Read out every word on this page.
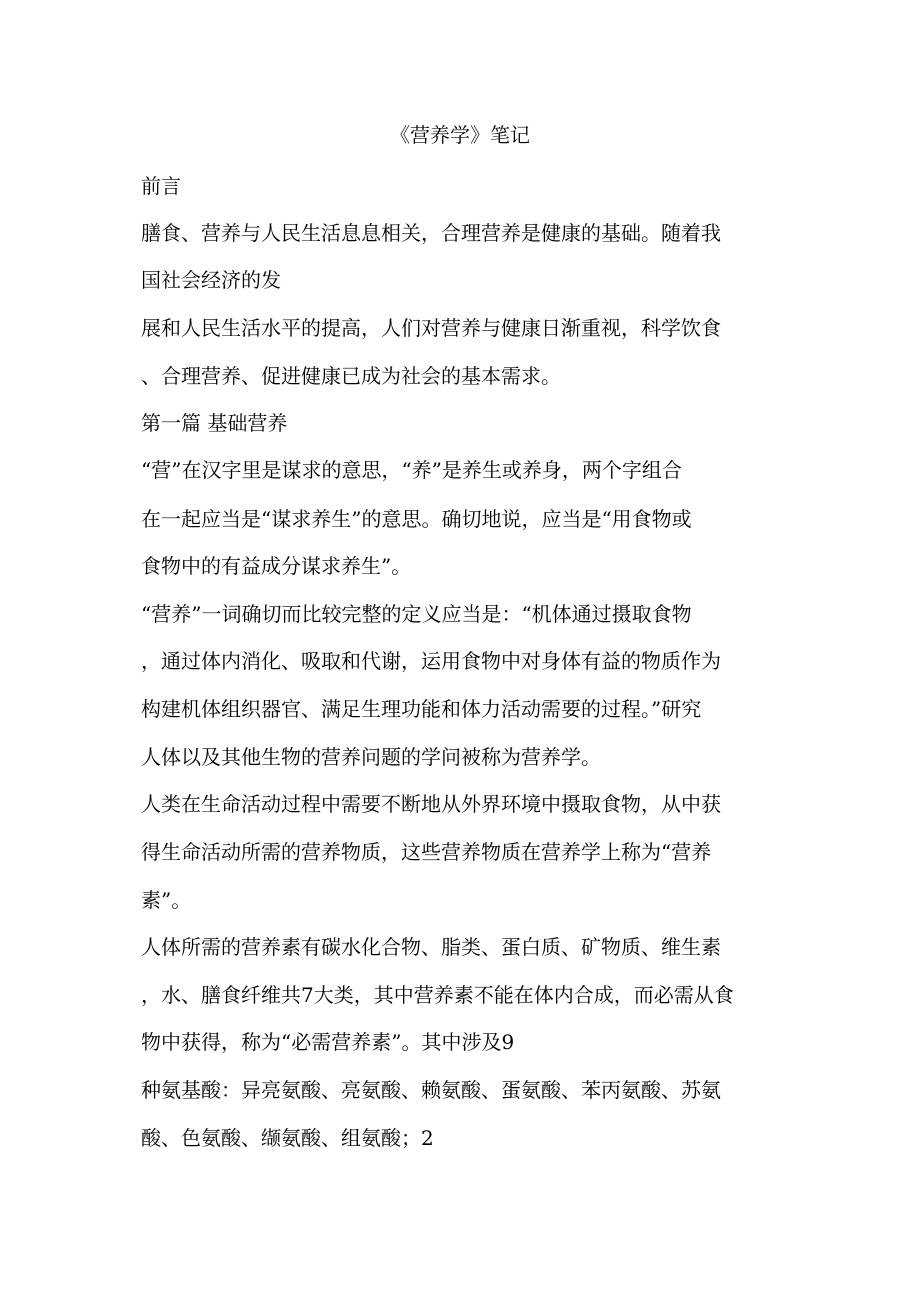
《营养学》笔记

前言

膳食、营养与人民生活息息相关，合理营养是健康的基础。随着我

国社会经济的发

展和人民生活水平的提高，人们对营养与健康日渐重视，科学饮食

、合理营养、促进健康已成为社会的基本需求。

第一篇 基础营养

“营”在汉字里是谋求的意思，“养”是养生或养身，两个字组合

在一起应当是“谋求养生”的意思。确切地说，应当是“用食物或

食物中的有益成分谋求养生”。

“营养”一词确切而比较完整的定义应当是：“机体通过摄取食物

，通过体内消化、吸取和代谢，运用食物中对身体有益的物质作为

构建机体组织器官、满足生理功能和体力活动需要的过程。”研究

人体以及其他生物的营养问题的学问被称为营养学。

人类在生命活动过程中需要不断地从外界环境中摄取食物，从中获

得生命活动所需的营养物质，这些营养物质在营养学上称为“营养

素”。

人体所需的营养素有碳水化合物、脂类、蛋白质、矿物质、维生素

，水、膳食纤维共7大类，其中营养素不能在体内合成，而必需从食

物中获得，称为“必需营养素”。其中涉及9

种氨基酸：异亮氨酸、亮氨酸、赖氨酸、蛋氨酸、苯丙氨酸、苏氨

酸、色氨酸、缬氨酸、组氨酸；2
